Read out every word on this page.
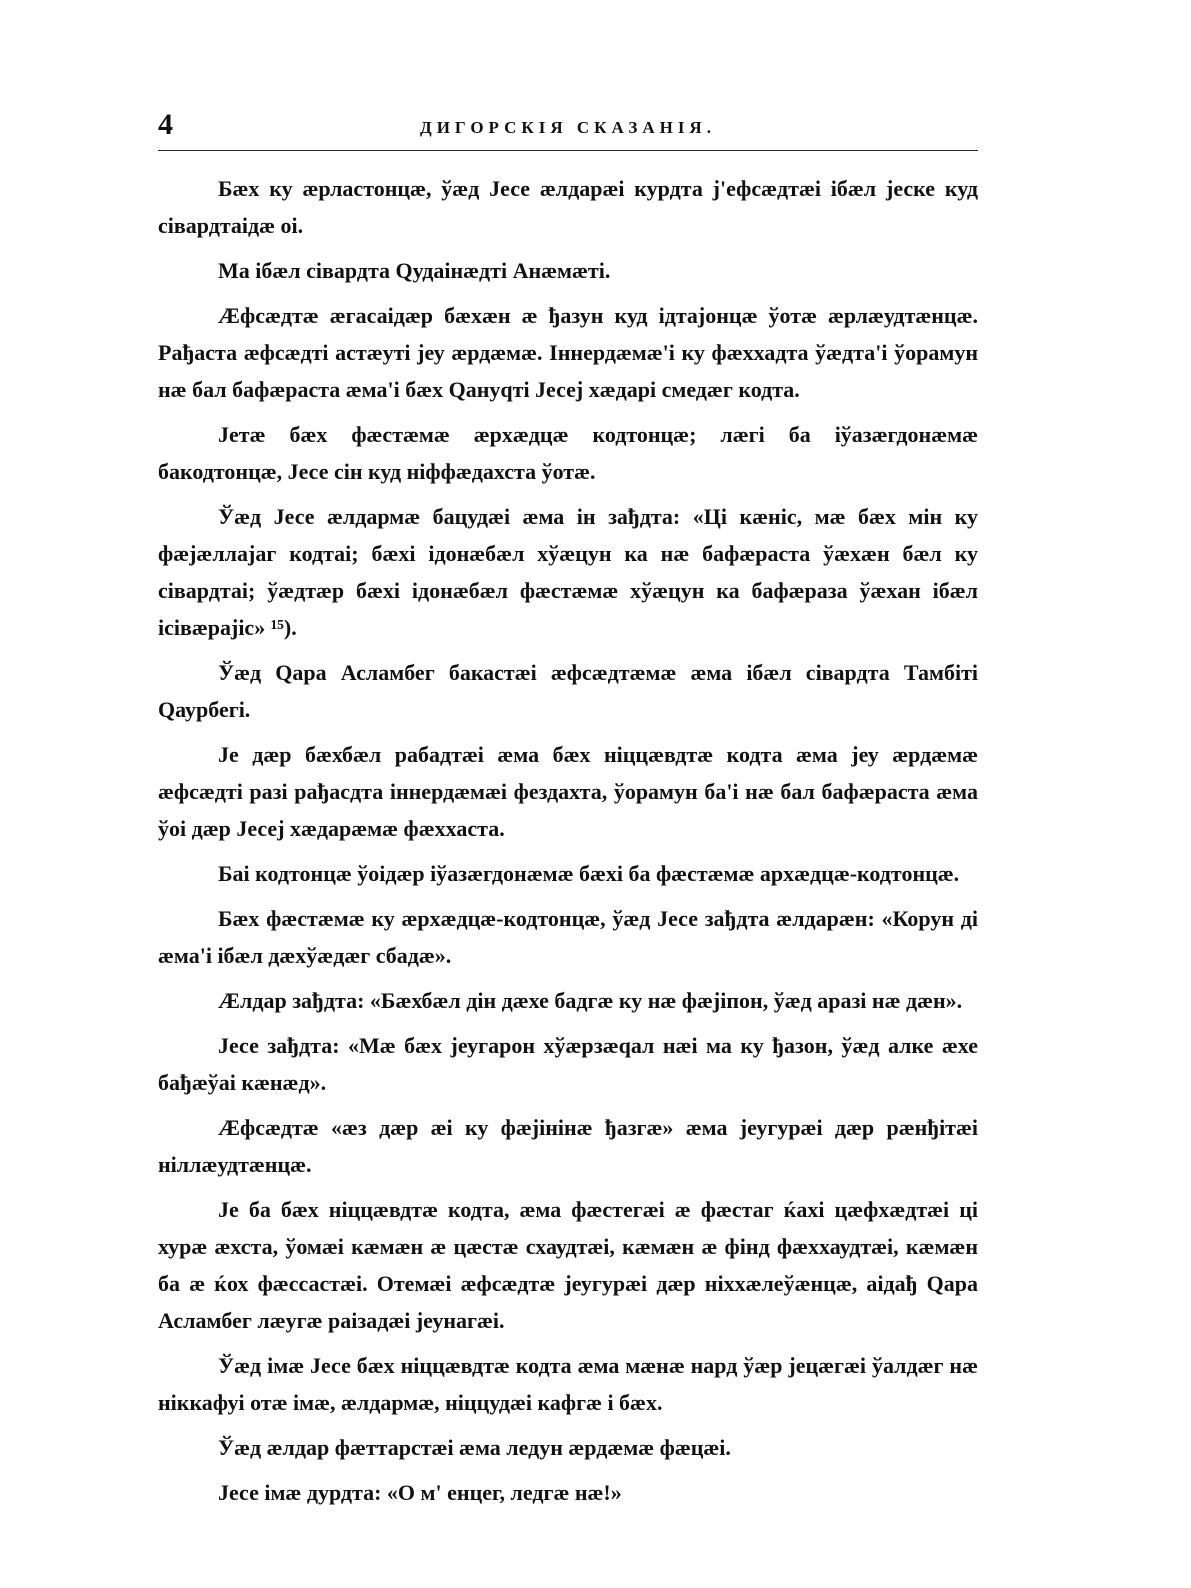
4	ДИГОРСКІЯ СКАЗАНІЯ.

Бæх ку æрластонцæ, ўæд Јесе æлдарæі курдта ј'ефсæдтæі ібæл јеске куд сівардтаідæ оі.

Ма ібæл сівардта Qудаінæдті Анæмæті.

Æфсæдтæ æгасаідæр бæхæн æ ђазун куд ідтајонцæ ўотæ æрлæудтæнцæ. Рађаста æфсæдті астæуті јеу æрдæмæ. Іннердæмæ'і ку фæххадта ўæдта'і ўорамун нæ бал бафæраста æма'і бæх Qануqті Јесеј хæдарі смедæг кодта.

Јетæ бæх фæстæмæ æрхæдцæ кодтонцæ; лæгі ба іўазæгдонæмæ бакодтонцæ, Јесе сін куд ніффæдахста ўотæ.

Ўæд Јесе æлдармæ бацудæі æма ін зађдта: «Ці кæніс, мæ бæх мін ку фæјæллајаг кодтаі; бæхі ідонæбæл хўæцун ка нæ бафæраста ўæхæн бæл ку сівардтаі; ўæдтæр бæхі ідонæбæл фæстæмæ хўæцун ка бафæраза ўæхан ібæл ісівæрајіс» ¹⁵).

Ўæд Qара Асламбег бакастæі æфсæдтæмæ æма ібæл сівардта Тамбіті Qаурбегі.

Је дæр бæхбæл рабадтæі æма бæх ніццæвдтæ кодта æма јеу æрдæмæ æфсæдті разі рађасдта іннердæмæі фездахта, ўорамун ба'і нæ бал бафæраста æма ўоі дæр Јесеј хæдарæмæ фæххаста.

Баі кодтонцæ ўоідæр іўазæгдонæмæ бæхі ба фæстæмæ архæдцæ-кодтонцæ.

Бæх фæстæмæ ку æрхæдцæ-кодтонцæ, ўæд Јесе зађдта æлдарæн: «Корун ді æма'і ібæл дæхўæдæг сбадæ».

Æлдар зађдта: «Бæхбæл дін дæхе бадгæ ку нæ фæјіпон, ўæд аразі нæ дæн».

Јесе зађдта: «Мæ бæх јеугарон хўæрзæqал нæі ма ку ђазон, ўæд алке æхе бађæўаі кæнæд».

Æфсæдтæ «æз дæр æі ку фæјінінæ ђазгæ» æма јеугурæі дæр рæнђітæі ніллæудтæнцæ.

Је ба бæх ніццæвдтæ кодта, æма фæстегæі æ фæстаг ќахі цæфхæдтæі ці хурæ æхста, ўомæі кæмæн æ цæстæ схаудтæі, кæмæн æ фінд фæххаудтæі, кæмæн ба æ ќох фæссастæі. Отемæі æфсæдтæ јеугурæі дæр ніххæлеўæнцæ, аідађ Qара Асламбег лæугæ раізадæі јеунагæі.

Ўæд імæ Јесе бæх ніццæвдтæ кодта æма мæнæ нард ўæр јецæгæі ўалдæг нæ ніккафуі отæ імæ, æлдармæ, ніццудæі кафгæ і бæх.

Ўæд æлдар фæттарстæі æма ледун æрдæмæ фæцæі.

Јесе імæ дурдта: «О м' енцег, ледгæ нæ!»
